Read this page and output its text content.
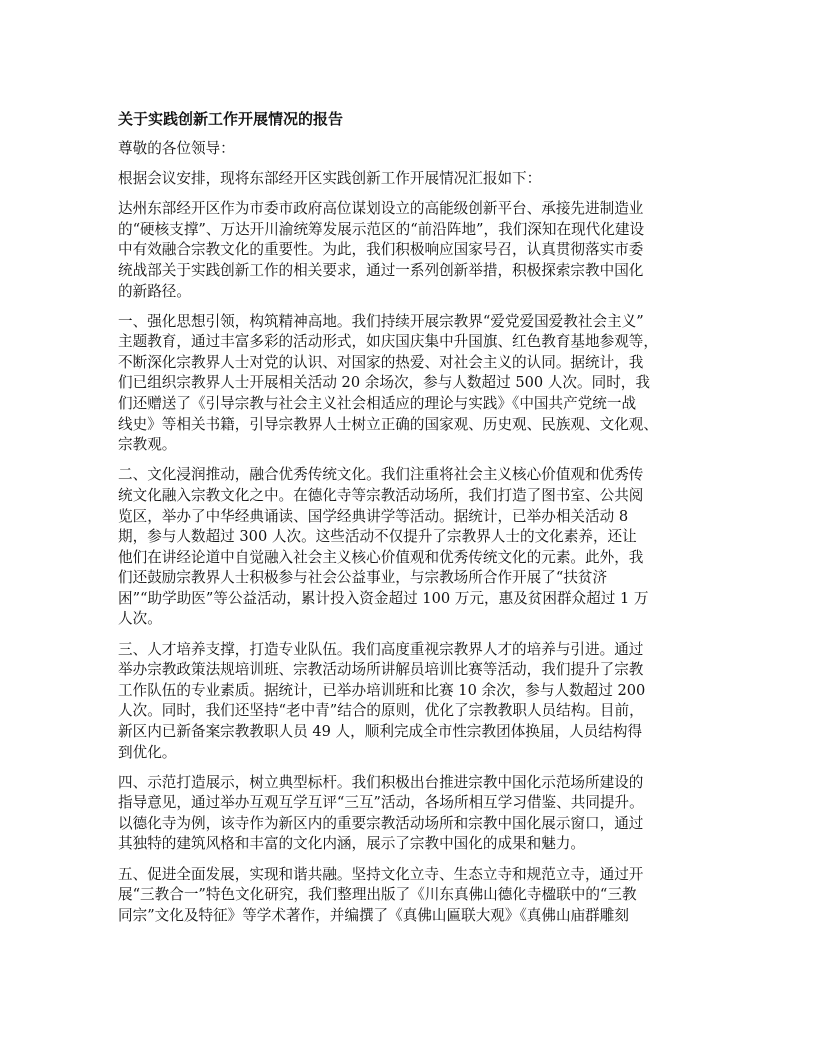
关于实践创新工作开展情况的报告
尊敬的各位领导：
根据会议安排，现将东部经开区实践创新工作开展情况汇报如下：
达州东部经开区作为市委市政府高位谋划设立的高能级创新平台、承接先进制造业
的“硬核支撑”、万达开川渝统筹发展示范区的“前沿阵地”，我们深知在现代化建设
中有效融合宗教文化的重要性。为此，我们积极响应国家号召，认真贯彻落实市委
统战部关于实践创新工作的相关要求，通过一系列创新举措，积极探索宗教中国化
的新路径。
一、强化思想引领，构筑精神高地。我们持续开展宗教界“爱党爱国爱教社会主义”
主题教育，通过丰富多彩的活动形式，如庆国庆集中升国旗、红色教育基地参观等，
不断深化宗教界人士对党的认识、对国家的热爱、对社会主义的认同。据统计，我
们已组织宗教界人士开展相关活动 20 余场次，参与人数超过 500 人次。同时，我
们还赠送了《引导宗教与社会主义社会相适应的理论与实践》《中国共产党统一战
线史》等相关书籍，引导宗教界人士树立正确的国家观、历史观、民族观、文化观、
宗教观。
二、文化浸润推动，融合优秀传统文化。我们注重将社会主义核心价值观和优秀传
统文化融入宗教文化之中。在德化寺等宗教活动场所，我们打造了图书室、公共阅
览区，举办了中华经典诵读、国学经典讲学等活动。据统计，已举办相关活动 8
期，参与人数超过 300 人次。这些活动不仅提升了宗教界人士的文化素养，还让
他们在讲经论道中自觉融入社会主义核心价值观和优秀传统文化的元素。此外，我
们还鼓励宗教界人士积极参与社会公益事业，与宗教场所合作开展了“扶贫济
困”“助学助医”等公益活动，累计投入资金超过 100 万元，惠及贫困群众超过 1 万
人次。
三、人才培养支撑，打造专业队伍。我们高度重视宗教界人才的培养与引进。通过
举办宗教政策法规培训班、宗教活动场所讲解员培训比赛等活动，我们提升了宗教
工作队伍的专业素质。据统计，已举办培训班和比赛 10 余次，参与人数超过 200
人次。同时，我们还坚持“老中青”结合的原则，优化了宗教教职人员结构。目前，
新区内已新备案宗教教职人员 49 人，顺利完成全市性宗教团体换届，人员结构得
到优化。
四、示范打造展示，树立典型标杆。我们积极出台推进宗教中国化示范场所建设的
指导意见，通过举办互观互学互评“三互”活动，各场所相互学习借鉴、共同提升。
以德化寺为例，该寺作为新区内的重要宗教活动场所和宗教中国化展示窗口，通过
其独特的建筑风格和丰富的文化内涵，展示了宗教中国化的成果和魅力。
五、促进全面发展，实现和谐共融。坚持文化立寺、生态立寺和规范立寺，通过开
展“三教合一”特色文化研究，我们整理出版了《川东真佛山德化寺楹联中的“三教
同宗”文化及特征》等学术著作，并编撰了《真佛山匾联大观》《真佛山庙群雕刻
